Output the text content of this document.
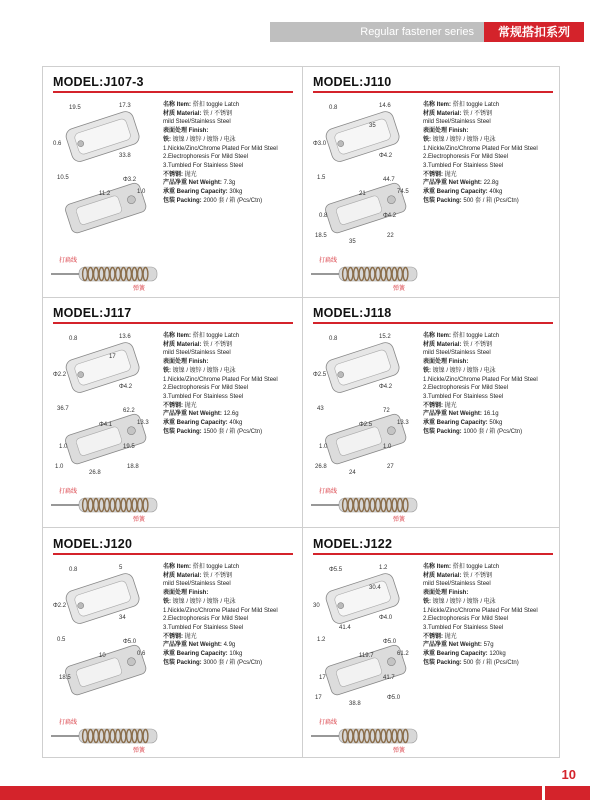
Regular fastener series	常规搭扣系列
MODEL:J107-3
19.5	17.3
0.6
33.8
10.5	Φ3.2
1.0
11.2
名称 Item: 搭扣 toggle Latch
材质 Material: 铁 / 不锈钢
mild Steel/Stainless Steel
表面处理 Finish:
铁: 镀镍 / 镀锌 / 镀铬 / 电泳
1.Nickle/Zinc/Chrome Plated For Mild Steel
2.Electrophoresis For Mild Steel
3.Tumbled For Stainless Steel
不锈钢: 抛光
产品净重 Net Weight: 7.3g
承重 Bearing Capacity: 30kg
包装 Packing: 2000 套 / 箱 (Pcs/Ctn)
打扁线
弹簧
MODEL:J110
0.8	14.6
Φ3.0
Φ4.2
1.5	44.7
74.5
21
0.8	Φ4.2
18.5
35
22
35
名称 Item: 搭扣 toggle Latch
材质 Material: 铁 / 不锈钢
mild Steel/Stainless Steel
表面处理 Finish:
铁: 镀镍 / 镀锌 / 镀铬 / 电泳
1.Nickle/Zinc/Chrome Plated For Mild Steel
2.Electrophoresis For Mild Steel
3.Tumbled For Stainless Steel
不锈钢: 抛光
产品净重 Net Weight: 22.8g
承重 Bearing Capacity: 40kg
包装 Packing: 500 套 / 箱 (Pcs/Ctn)
打扁线
弹簧
MODEL:J117
0.8	13.6
Φ2.2
Φ4.2
36.7	62.2
13.3
Φ4.1
1.0	19.5
1.0
26.8
18.8
17
名称 Item: 搭扣 toggle Latch
材质 Material: 铁 / 不锈钢
mild Steel/Stainless Steel
表面处理 Finish:
铁: 镀镍 / 镀锌 / 镀铬 / 电泳
1.Nickle/Zinc/Chrome Plated For Mild Steel
2.Electrophoresis For Mild Steel
3.Tumbled For Stainless Steel
不锈钢: 抛光
产品净重 Net Weight: 12.6g
承重 Bearing Capacity: 40kg
包装 Packing: 1500 套 / 箱 (Pcs/Ctn)
打扁线
弹簧
MODEL:J118
0.8	15.2
Φ2.5
Φ4.2
43	72
13.3
Φ2.5
1.0	1.0
26.8
24
27
名称 Item: 搭扣 toggle Latch
材质 Material: 铁 / 不锈钢
mild Steel/Stainless Steel
表面处理 Finish:
铁: 镀镍 / 镀锌 / 镀铬 / 电泳
1.Nickle/Zinc/Chrome Plated For Mild Steel
2.Electrophoresis For Mild Steel
3.Tumbled For Stainless Steel
不锈钢: 抛光
产品净重 Net Weight: 16.1g
承重 Bearing Capacity: 50kg
包装 Packing: 1000 套 / 箱 (Pcs/Ctn)
打扁线
弹簧
MODEL:J120
0.8	5
Φ2.2
34
0.5	Φ5.0
0.6
10
18.5
名称 Item: 搭扣 toggle Latch
材质 Material: 铁 / 不锈钢
mild Steel/Stainless Steel
表面处理 Finish:
铁: 镀镍 / 镀锌 / 镀铬 / 电泳
1.Nickle/Zinc/Chrome Plated For Mild Steel
2.Electrophoresis For Mild Steel
3.Tumbled For Stainless Steel
不锈钢: 抛光
产品净重 Net Weight: 4.9g
承重 Bearing Capacity: 10kg
包装 Packing: 3000 套 / 箱 (Pcs/Ctn)
打扁线
弹簧
MODEL:J122
Φ5.5	1.2
30
Φ4.0
1.2	Φ5.0
61.2
119.7
17	41.7
17
38.8
Φ5.0
30.4
41.4
名称 Item: 搭扣 toggle Latch
材质 Material: 铁 / 不锈钢
mild Steel/Stainless Steel
表面处理 Finish:
铁: 镀镍 / 镀锌 / 镀铬 / 电泳
1.Nickle/Zinc/Chrome Plated For Mild Steel
2.Electrophoresis For Mild Steel
3.Tumbled For Stainless Steel
不锈钢: 抛光
产品净重 Net Weight: 57g
承重 Bearing Capacity: 120kg
包装 Packing: 500 套 / 箱 (Pcs/Ctn)
打扁线
弹簧
10
